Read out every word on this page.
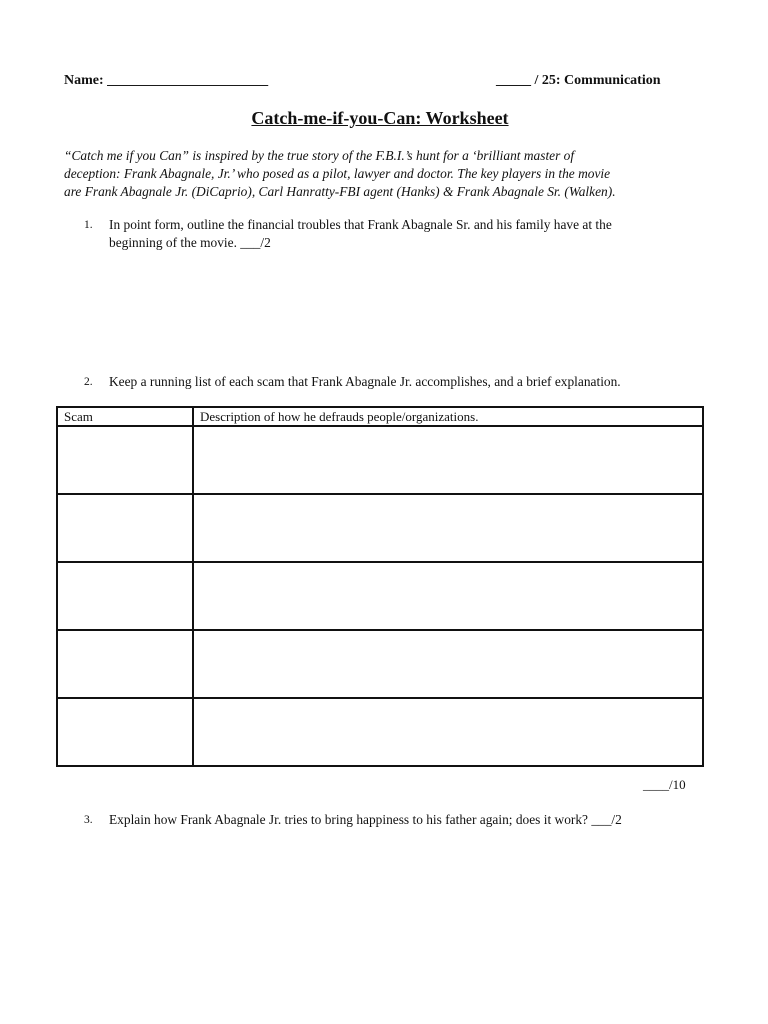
Name: _______________________	_____ / 25: Communication
Catch-me-if-you-Can: Worksheet
“Catch me if you Can” is inspired by the true story of the F.B.I.’s hunt for a ‘brilliant master of
deception: Frank Abagnale, Jr.’ who posed as a pilot, lawyer and doctor. The key players in the movie
are Frank Abagnale Jr. (DiCaprio), Carl Hanratty-FBI agent (Hanks) & Frank Abagnale Sr. (Walken).
1. In point form, outline the financial troubles that Frank Abagnale Sr. and his family have at the
beginning of the movie. ___/2
2. Keep a running list of each scam that Frank Abagnale Jr. accomplishes, and a brief explanation.
Scam	Description of how he defrauds people/organizations.

____/10
3. Explain how Frank Abagnale Jr. tries to bring happiness to his father again; does it work? ___/2
